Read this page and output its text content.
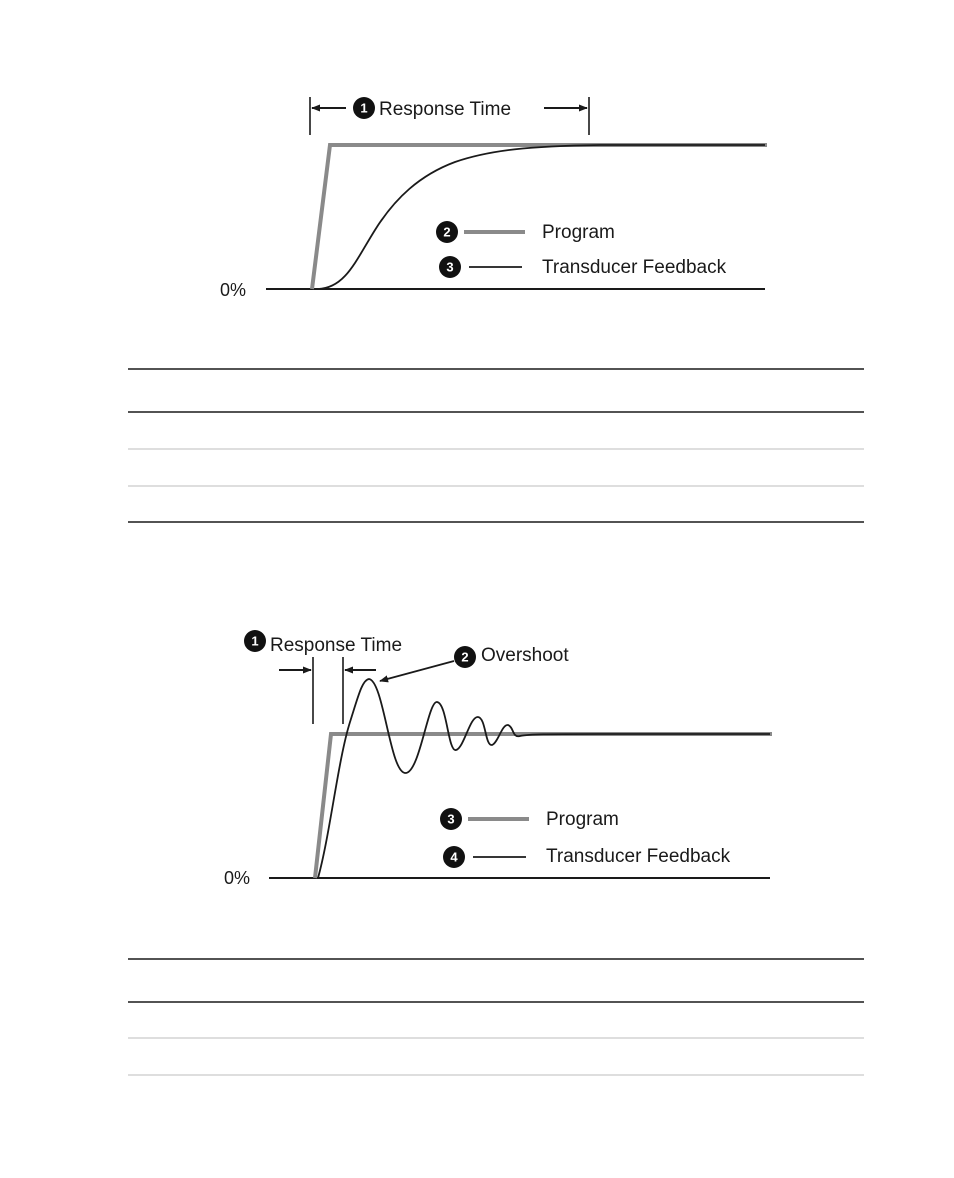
0%
1 Response Time
2	Program
3	Transducer Feedback
0%
1 Response Time
2 Overshoot
3	Program
4	Transducer Feedback
